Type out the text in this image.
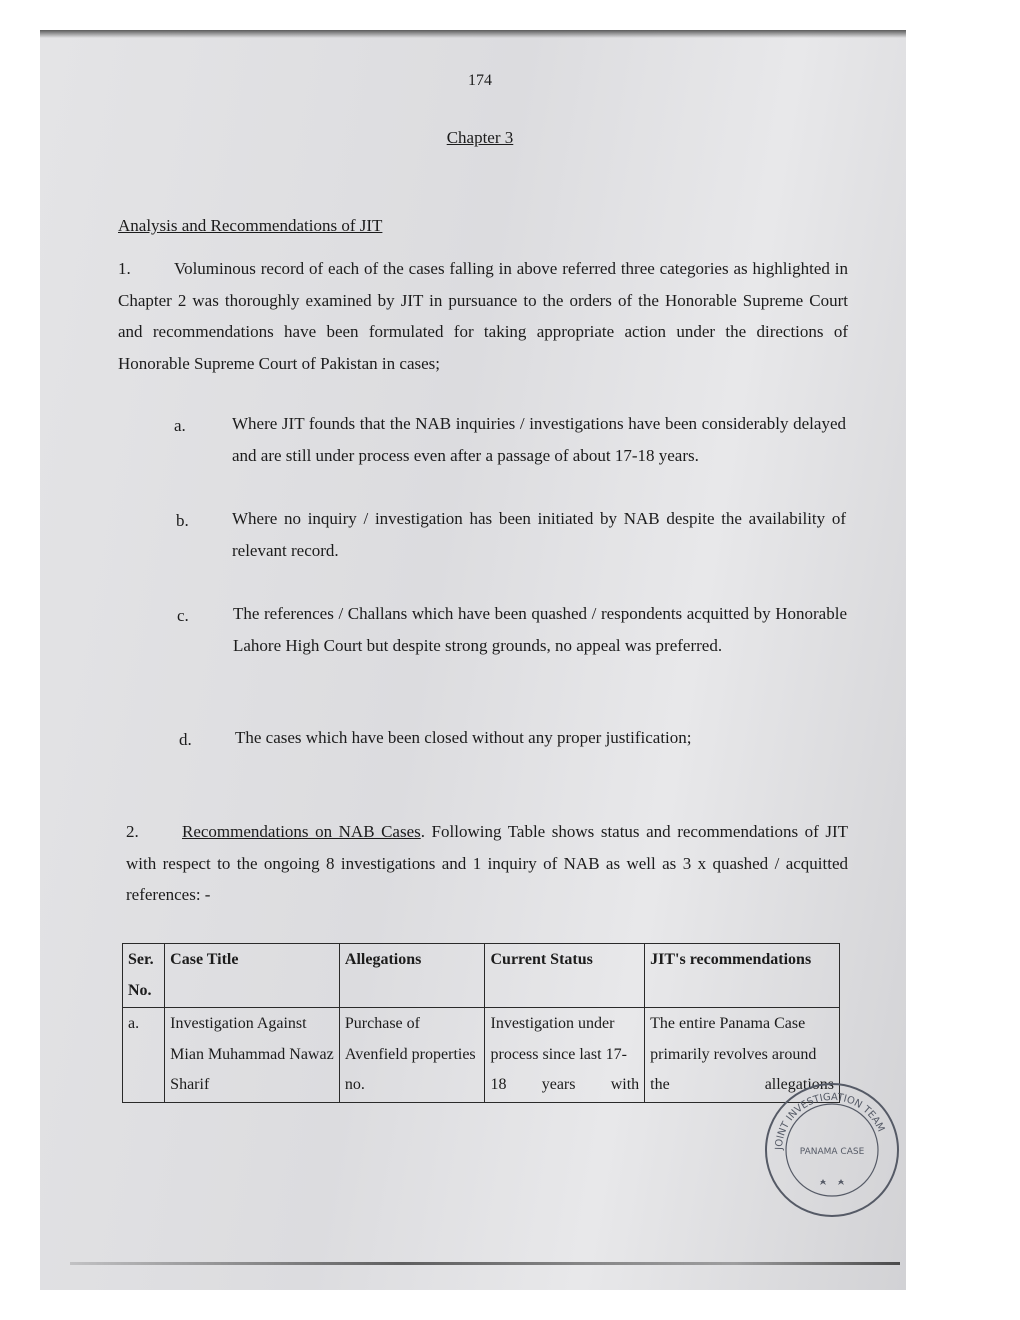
174
Chapter 3
Analysis and Recommendations of JIT
1.	Voluminous record of each of the cases falling in above referred three categories as highlighted in Chapter 2 was thoroughly examined by JIT in pursuance to the orders of the Honorable Supreme Court and recommendations have been formulated for taking appropriate action under the directions of Honorable Supreme Court of Pakistan in cases;
a.	Where JIT founds that the NAB inquiries / investigations have been considerably delayed and are still under process even after a passage of about 17-18 years.
b.	Where no inquiry / investigation has been initiated by NAB despite the availability of relevant record.
c.	The references / Challans which have been quashed / respondents acquitted by Honorable Lahore High Court but despite strong grounds, no appeal was preferred.
d.	The cases which have been closed without any proper justification;
2.	Recommendations on NAB Cases. Following Table shows status and recommendations of JIT with respect to the ongoing 8 investigations and 1 inquiry of NAB as well as 3 x quashed / acquitted references: -
Ser. No.	Case Title	Allegations	Current Status	JIT's recommendations
a.	Investigation Against Mian Muhammad Nawaz Sharif	Purchase of Avenfield properties no.	Investigation under process since last 17-18 years with	The entire Panama Case primarily revolves around the allegations
JOINT INVESTIGATION TEAM
PANAMA CASE
